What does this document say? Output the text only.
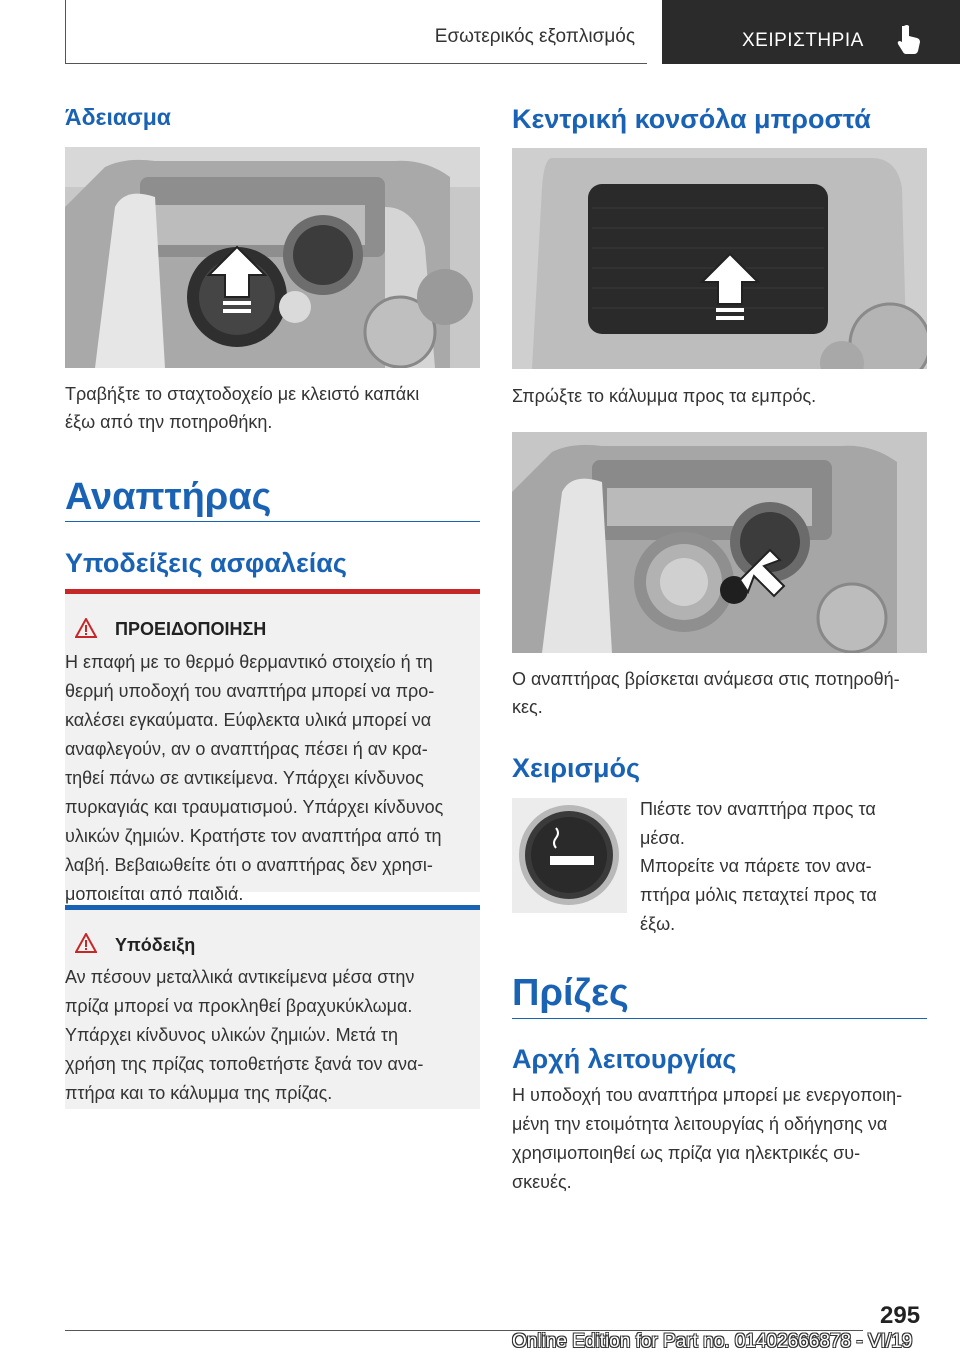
Εσωτερικός εξοπλισμός	ΧΕΙΡΙΣΤΗΡΙΑ
Άδειασμα
Τραβήξτε το σταχτοδοχείο με κλειστό καπάκι
έξω από την ποτηροθήκη.
Αναπτήρας
Υποδείξεις ασφαλείας
ΠΡΟΕΙΔΟΠΟΙΗΣΗ
Η επαφή με το θερμό θερμαντικό στοιχείο ή τη
θερμή υποδοχή του αναπτήρα μπορεί να προ-
καλέσει εγκαύματα. Εύφλεκτα υλικά μπορεί να
αναφλεγούν, αν ο αναπτήρας πέσει ή αν κρα-
τηθεί πάνω σε αντικείμενα. Υπάρχει κίνδυνος
πυρκαγιάς και τραυματισμού. Υπάρχει κίνδυνος
υλικών ζημιών. Κρατήστε τον αναπτήρα από τη
λαβή. Βεβαιωθείτε ότι ο αναπτήρας δεν χρησι-
μοποιείται από παιδιά.
Υπόδειξη
Αν πέσουν μεταλλικά αντικείμενα μέσα στην
πρίζα μπορεί να προκληθεί βραχυκύκλωμα.
Υπάρχει κίνδυνος υλικών ζημιών. Μετά τη
χρήση της πρίζας τοποθετήστε ξανά τον ανα-
πτήρα και το κάλυμμα της πρίζας.
Κεντρική κονσόλα μπροστά
Σπρώξτε το κάλυμμα προς τα εμπρός.
Ο αναπτήρας βρίσκεται ανάμεσα στις ποτηροθή-
κες.
Χειρισμός
Πιέστε τον αναπτήρα προς τα
μέσα.
Μπορείτε να πάρετε τον ανα-
πτήρα μόλις πεταχτεί προς τα
έξω.
Πρίζες
Αρχή λειτουργίας
Η υποδοχή του αναπτήρα μπορεί με ενεργοποιη-
μένη την ετοιμότητα λειτουργίας ή οδήγησης να
χρησιμοποιηθεί ως πρίζα για ηλεκτρικές συ-
σκευές.
295
Online Edition for Part no. 01402666878 - VI/19
